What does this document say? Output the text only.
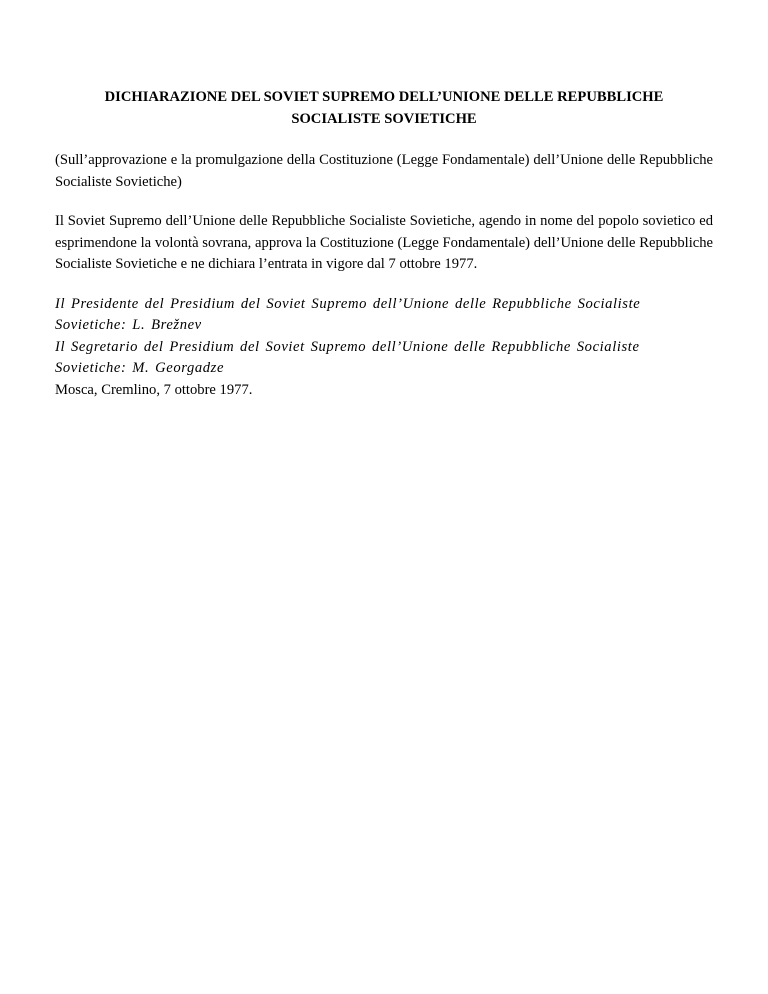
DICHIARAZIONE DEL SOVIET SUPREMO DELL’UNIONE DELLE REPUBBLICHE
SOCIALISTE SOVIETICHE

(Sull’approvazione e la promulgazione della Costituzione (Legge Fondamentale) dell’Unione delle Repubbliche Socialiste Sovietiche)

Il Soviet Supremo dell’Unione delle Repubbliche Socialiste Sovietiche, agendo in nome del popolo sovietico ed esprimendone la volontà sovrana, approva la Costituzione (Legge Fondamentale) dell’Unione delle Repubbliche Socialiste Sovietiche e ne dichiara l’entrata in vigore dal 7 ottobre 1977.

Il Presidente del Presidium del Soviet Supremo dell’Unione delle Repubbliche Socialiste
Sovietiche: L. Brežnev
Il Segretario del Presidium del Soviet Supremo dell’Unione delle Repubbliche Socialiste
Sovietiche: M. Georgadze
Mosca, Cremlino, 7 ottobre 1977.
